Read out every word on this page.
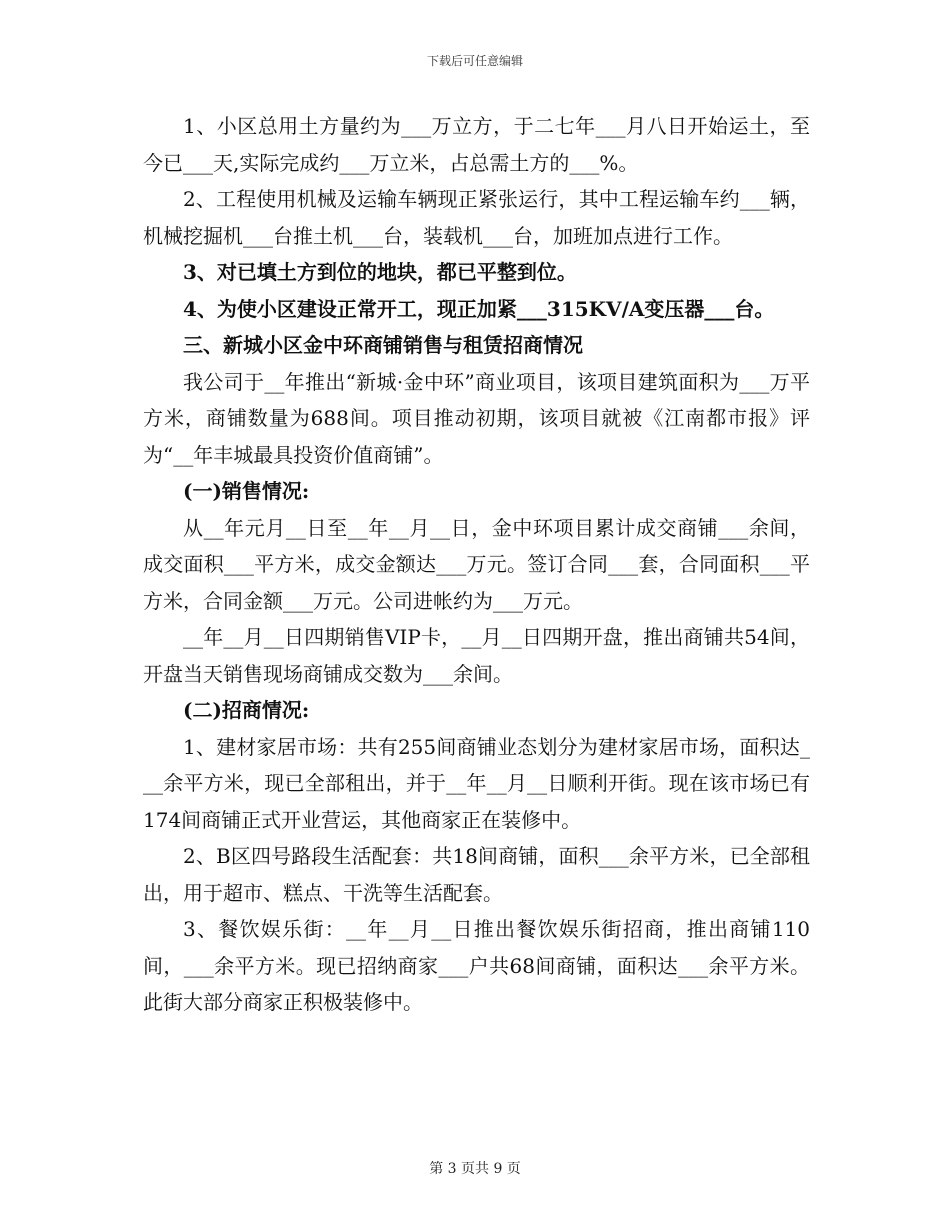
下载后可任意编辑

1、小区总用土方量约为___万立方，于二七年___月八日开始运土，至今已___天,实际完成约___万立米，占总需土方的___%。

2、工程使用机械及运输车辆现正紧张运行，其中工程运输车约___辆，机械挖掘机___台推土机___台，装载机___台，加班加点进行工作。

3、对已填土方到位的地块，都已平整到位。

4、为使小区建设正常开工，现正加紧___315KV/A变压器___台。

三、新城小区金中环商铺销售与租赁招商情况

我公司于__年推出“新城·金中环”商业项目，该项目建筑面积为___万平方米，商铺数量为688间。项目推动初期，该项目就被《江南都市报》评为“__年丰城最具投资价值商铺”。

(一)销售情况:

从__年元月__日至__年__月__日，金中环项目累计成交商铺___余间，成交面积___平方米，成交金额达___万元。签订合同___套，合同面积___平方米，合同金额___万元。公司进帐约为___万元。

__年__月__日四期销售VIP卡，__月__日四期开盘，推出商铺共54间，开盘当天销售现场商铺成交数为___余间。

(二)招商情况:

1、建材家居市场：共有255间商铺业态划分为建材家居市场，面积达___余平方米，现已全部租出，并于__年__月__日顺利开街。现在该市场已有174间商铺正式开业营运，其他商家正在装修中。

2、B区四号路段生活配套：共18间商铺，面积___余平方米，已全部租出，用于超市、糕点、干洗等生活配套。

3、餐饮娱乐街：__年__月__日推出餐饮娱乐街招商，推出商铺110间，___余平方米。现已招纳商家___户共68间商铺，面积达___余平方米。此街大部分商家正积极装修中。

第 3 页共 9 页
